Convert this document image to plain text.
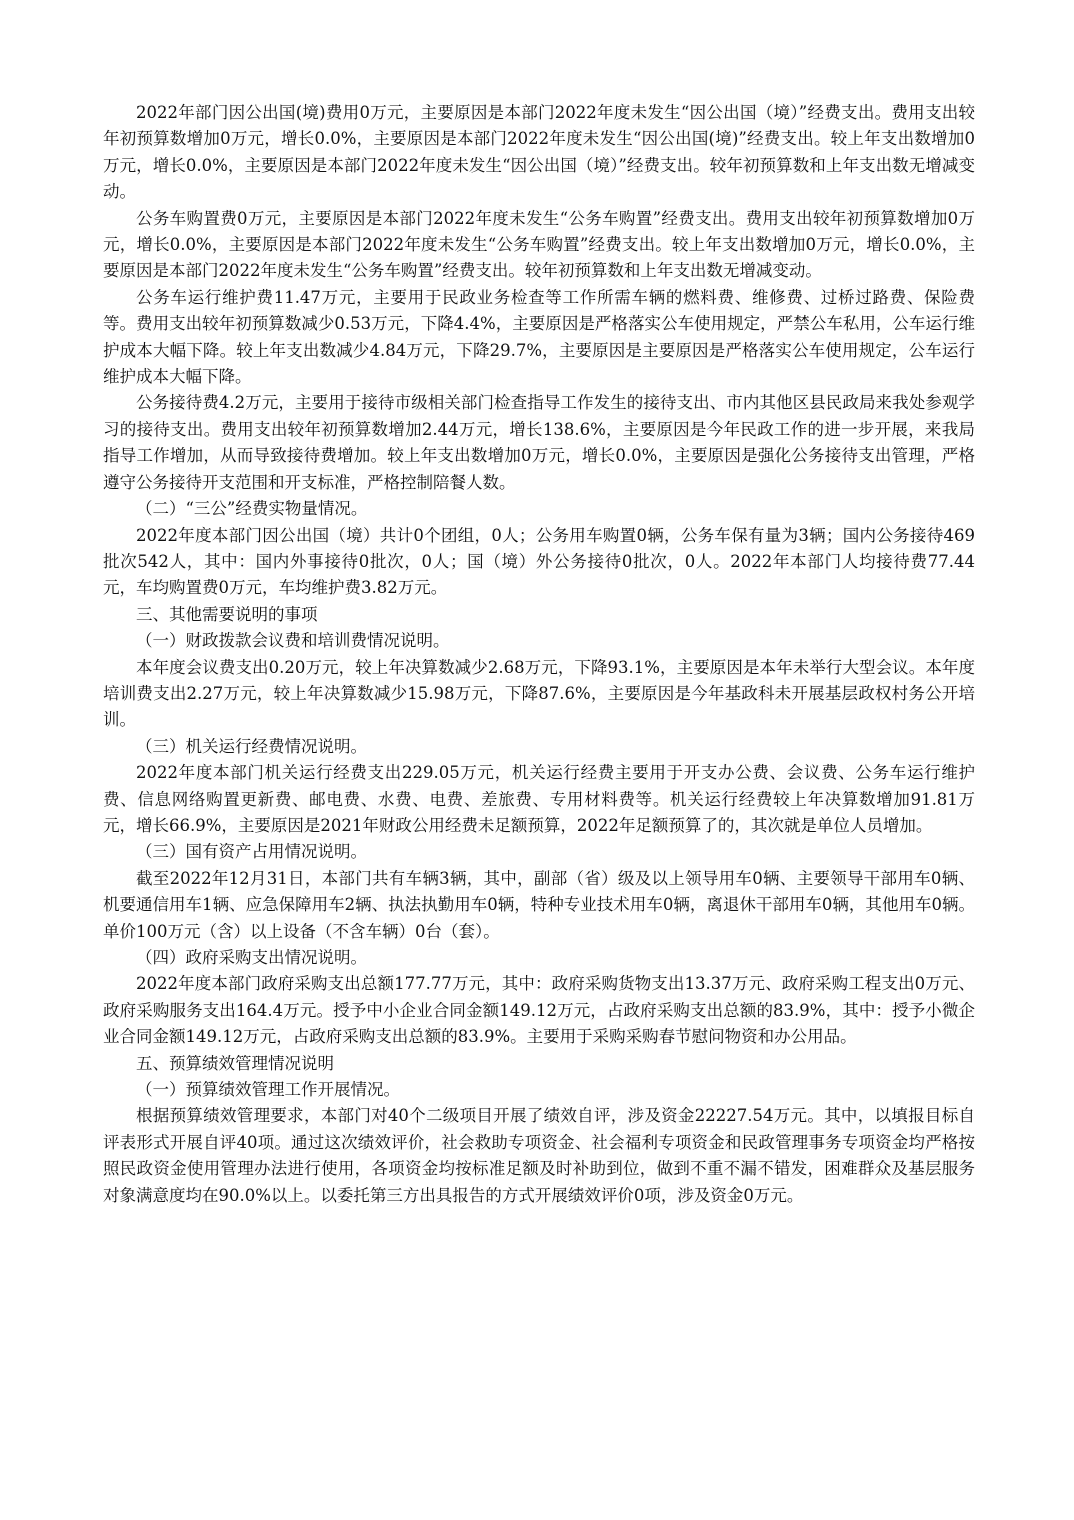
2022年部门因公出国(境)费用0万元，主要原因是本部门2022年度未发生“因公出国（境）”经费支出。费用支出较年初预算数增加0万元，增长0.0%，主要原因是本部门2022年度未发生“因公出国(境)”经费支出。较上年支出数增加0万元，增长0.0%，主要原因是本部门2022年度未发生“因公出国（境）”经费支出。较年初预算数和上年支出数无增减变动。

公务车购置费0万元，主要原因是本部门2022年度未发生“公务车购置”经费支出。费用支出较年初预算数增加0万元，增长0.0%，主要原因是本部门2022年度未发生“公务车购置”经费支出。较上年支出数增加0万元，增长0.0%，主要原因是本部门2022年度未发生“公务车购置”经费支出。较年初预算数和上年支出数无增减变动。

公务车运行维护费11.47万元，主要用于民政业务检查等工作所需车辆的燃料费、维修费、过桥过路费、保险费等。费用支出较年初预算数减少0.53万元，下降4.4%，主要原因是严格落实公车使用规定，严禁公车私用，公车运行维护成本大幅下降。较上年支出数减少4.84万元，下降29.7%，主要原因是主要原因是严格落实公车使用规定，公车运行维护成本大幅下降。

公务接待费4.2万元，主要用于接待市级相关部门检查指导工作发生的接待支出、市内其他区县民政局来我处参观学习的接待支出。费用支出较年初预算数增加2.44万元，增长138.6%，主要原因是今年民政工作的进一步开展，来我局指导工作增加，从而导致接待费增加。较上年支出数增加0万元，增长0.0%，主要原因是强化公务接待支出管理，严格遵守公务接待开支范围和开支标准，严格控制陪餐人数。

（二）“三公”经费实物量情况。

2022年度本部门因公出国（境）共计0个团组，0人；公务用车购置0辆，公务车保有量为3辆；国内公务接待469批次542人，其中：国内外事接待0批次，0人；国（境）外公务接待0批次，0人。2022年本部门人均接待费77.44元，车均购置费0万元，车均维护费3.82万元。

三、其他需要说明的事项

（一）财政拨款会议费和培训费情况说明。

本年度会议费支出0.20万元，较上年决算数减少2.68万元，下降93.1%，主要原因是本年未举行大型会议。本年度培训费支出2.27万元，较上年决算数减少15.98万元，下降87.6%，主要原因是今年基政科未开展基层政权村务公开培训。

（三）机关运行经费情况说明。

2022年度本部门机关运行经费支出229.05万元，机关运行经费主要用于开支办公费、会议费、公务车运行维护费、信息网络购置更新费、邮电费、水费、电费、差旅费、专用材料费等。机关运行经费较上年决算数增加91.81万元，增长66.9%，主要原因是2021年财政公用经费未足额预算，2022年足额预算了的，其次就是单位人员增加。

（三）国有资产占用情况说明。

截至2022年12月31日，本部门共有车辆3辆，其中，副部（省）级及以上领导用车0辆、主要领导干部用车0辆、机要通信用车1辆、应急保障用车2辆、执法执勤用车0辆，特种专业技术用车0辆，离退休干部用车0辆，其他用车0辆。单价100万元（含）以上设备（不含车辆）0台（套）。

（四）政府采购支出情况说明。

2022年度本部门政府采购支出总额177.77万元，其中：政府采购货物支出13.37万元、政府采购工程支出0万元、政府采购服务支出164.4万元。授予中小企业合同金额149.12万元，占政府采购支出总额的83.9%，其中：授予小微企业合同金额149.12万元，占政府采购支出总额的83.9%。主要用于采购采购春节慰问物资和办公用品。

五、预算绩效管理情况说明

（一）预算绩效管理工作开展情况。

根据预算绩效管理要求，本部门对40个二级项目开展了绩效自评，涉及资金22227.54万元。其中，以填报目标自评表形式开展自评40项。通过这次绩效评价，社会救助专项资金、社会福利专项资金和民政管理事务专项资金均严格按照民政资金使用管理办法进行使用，各项资金均按标准足额及时补助到位，做到不重不漏不错发，困难群众及基层服务对象满意度均在90.0%以上。以委托第三方出具报告的方式开展绩效评价0项，涉及资金0万元。
